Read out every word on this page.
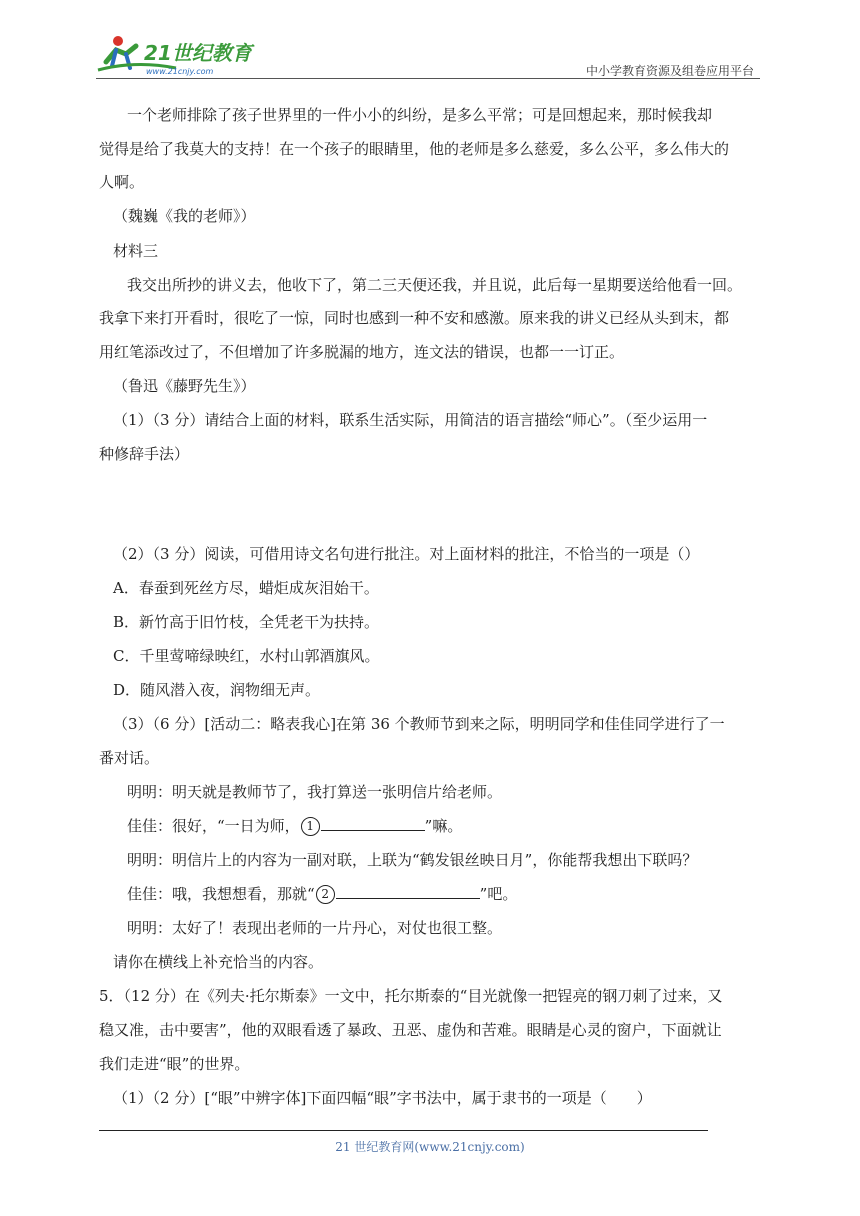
21世纪教育
www.21cnjy.com	中小学教育资源及组卷应用平台
一个老师排除了孩子世界里的一件小小的纠纷，是多么平常；可是回想起来，那时候我却
觉得是给了我莫大的支持！在一个孩子的眼睛里，他的老师是多么慈爱，多么公平，多么伟大的
人啊。
（魏巍《我的老师》）
材料三
我交出所抄的讲义去，他收下了，第二三天便还我，并且说，此后每一星期要送给他看一回。
我拿下来打开看时，很吃了一惊，同时也感到一种不安和感激。原来我的讲义已经从头到末，都
用红笔添改过了，不但增加了许多脱漏的地方，连文法的错误，也都一一订正。
（鲁迅《藤野先生》）
（1）（3 分）请结合上面的材料，联系生活实际，用简洁的语言描绘“师心”。（至少运用一
种修辞手法）
（2）（3 分）阅读，可借用诗文名句进行批注。对上面材料的批注，不恰当的一项是（）
A．春蚕到死丝方尽，蜡炬成灰泪始干。
B．新竹高于旧竹枝，全凭老干为扶持。
C．千里莺啼绿映红，水村山郭酒旗风。
D．随风潜入夜，润物细无声。
（3）（6 分）[活动二：略表我心]在第 36 个教师节到来之际，明明同学和佳佳同学进行了一
番对话。
明明：明天就是教师节了，我打算送一张明信片给老师。
佳佳：很好，“一日为师， 1	”嘛。
明明：明信片上的内容为一副对联，上联为“鹤发银丝映日月”，你能帮我想出下联吗？
佳佳：哦，我想想看，那就“ 2	”吧。
明明：太好了！表现出老师的一片丹心，对仗也很工整。
请你在横线上补充恰当的内容。
5．（12 分）在《列夫·托尔斯泰》一文中，托尔斯泰的“目光就像一把锃亮的钢刀刺了过来，又
稳又准，击中要害”，他的双眼看透了暴政、丑恶、虚伪和苦难。眼睛是心灵的窗户，下面就让
我们走进“眼”的世界。
（1）（2 分）[“眼”中辨字体]下面四幅“眼”字书法中，属于隶书的一项是（　　）
21 世纪教育网(www.21cnjy.com)
